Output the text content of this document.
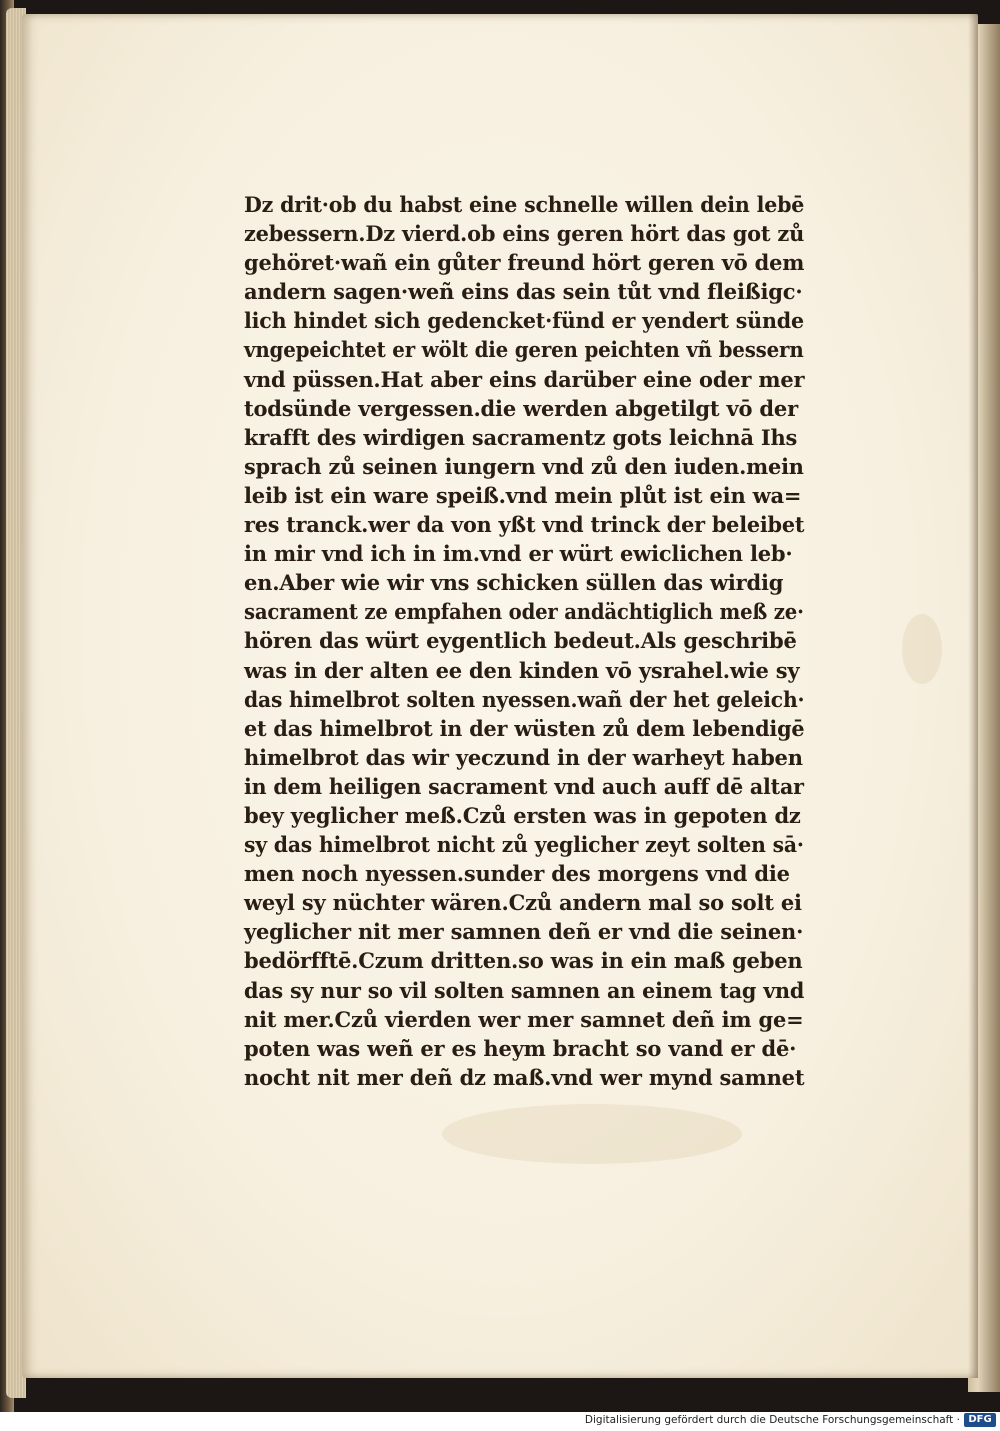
Dz drit·ob du habst eine schnelle willen dein lebē
zebessern.Dz vierd.ob eins geren hört das got zů
gehöret·wañ ein gůter freund hört geren vō dem
andern sagen·weñ eins das sein tůt vnd fleißigc·
lich hindet sich gedencket·fünd er yendert sünde
vngepeichtet er wölt die geren peichten vñ bessern
vnd püssen.Hat aber eins darüber eine oder mer
todsünde vergessen.die werden abgetilgt vō der
krafft des wirdigen sacramentz gots leichnā Ihs
sprach zů seinen iungern vnd zů den iuden.mein
leib ist ein ware speiß.vnd mein plůt ist ein wa=
res tranck.wer da von yßt vnd trinck der beleibet
in mir vnd ich in im.vnd er würt ewiclichen leb·
en.Aber wie wir vns schicken süllen das wirdig
sacrament ze empfahen oder andächtiglich meß ze·
hören das würt eygentlich bedeut.Als geschribē
was in der alten ee den kinden vō ysrahel.wie sy
das himelbrot solten nyessen.wañ der het geleich·
et das himelbrot in der wüsten zů dem lebendigē
himelbrot das wir yeczund in der warheyt haben
in dem heiligen sacrament vnd auch auff dē altar
bey yeglicher meß.Czů ersten was in gepoten dz
sy das himelbrot nicht zů yeglicher zeyt solten sā·
men noch nyessen.sunder des morgens vnd die
weyl sy nüchter wären.Czů andern mal so solt ei
yeglicher nit mer samnen deñ er vnd die seinen·
bedörfftē.Czum dritten.so was in ein maß geben
das sy nur so vil solten samnen an einem tag vnd
nit mer.Czů vierden wer mer samnet deñ im ge=
poten was weñ er es heym bracht so vand er dē·
nocht nit mer deñ dz maß.vnd wer mynd samnet
Digitalisierung gefördert durch die Deutsche Forschungsgemeinschaft · DFG
